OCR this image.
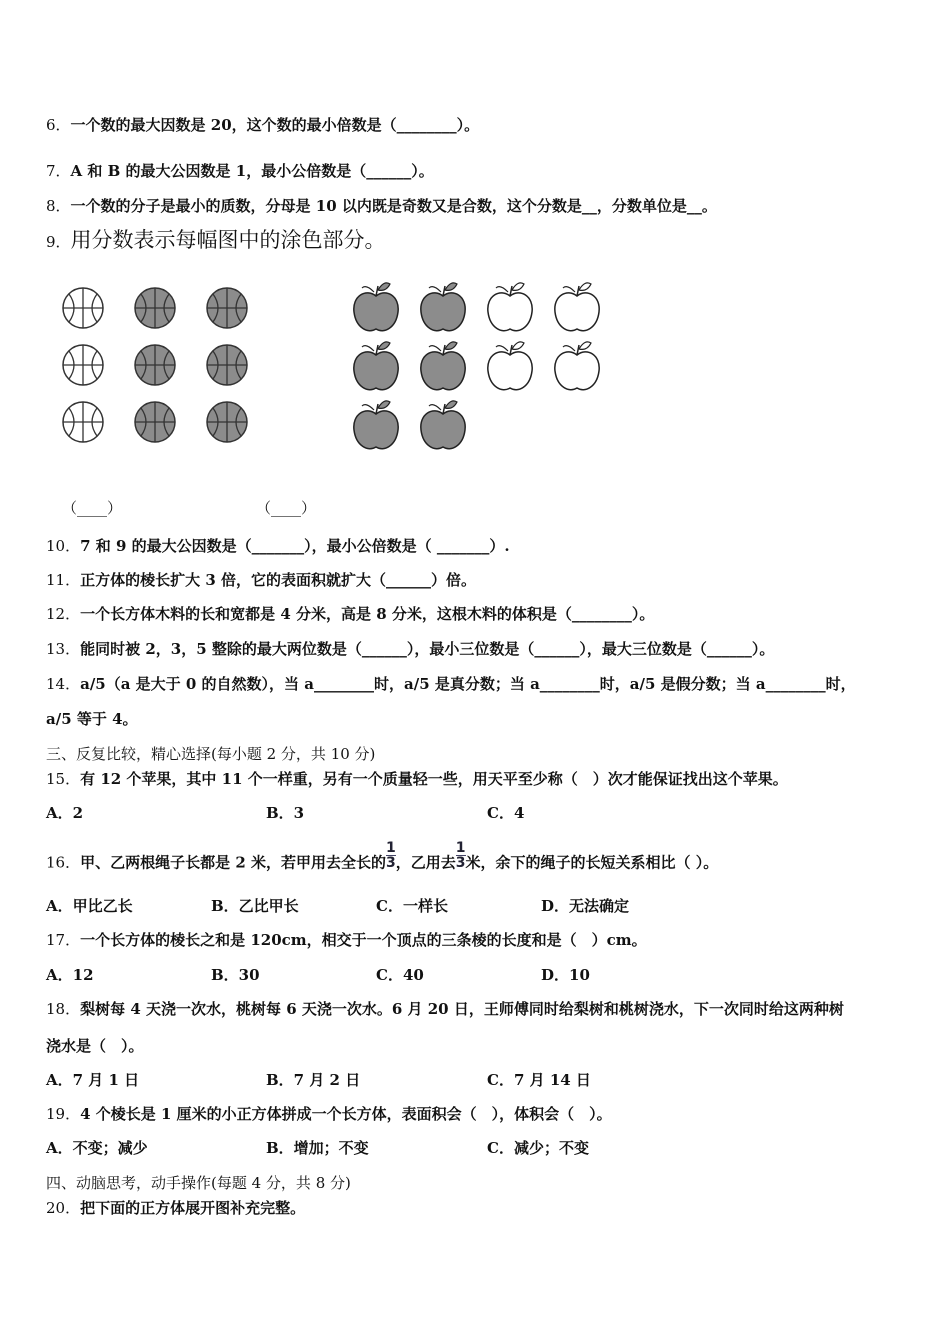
6．一个数的最大因数是 20，这个数的最小倍数是（________）。
7．A 和 B 的最大公因数是 1，最小公倍数是（______）。
8．一个数的分子是最小的质数，分母是 10 以内既是奇数又是合数，这个分数是__，分数单位是__。
9．用分数表示每幅图中的涂色部分。
（____）	（____）
10．7 和 9 的最大公因数是（_______），最小公倍数是（ _______）.
11．正方体的棱长扩大 3 倍，它的表面积就扩大（______）倍。
12．一个长方体木料的长和宽都是 4 分米，高是 8 分米，这根木料的体积是（________）。
13．能同时被 2，3，5 整除的最大两位数是（______），最小三位数是（______），最大三位数是（______）。
14．a/5（a 是大于 0 的自然数），当 a________时，a/5 是真分数；当 a________时，a/5 是假分数；当 a________时，
a/5 等于 4。
三、反复比较，精心选择(每小题 2 分，共 10 分)
15．有 12 个苹果，其中 11 个一样重，另有一个质量轻一些，用天平至少称（　）次才能保证找出这个苹果。
A．2	B．3	C．4
16．甲、乙两根绳子长都是 2 米，若甲用去全长的 $\frac{1}{3}$ ，乙用去 $\frac{1}{3}$ 米，余下的绳子的长短关系相比（ ）。
A．甲比乙长	B．乙比甲长	C．一样长	D．无法确定
17．一个长方体的棱长之和是 120cm，相交于一个顶点的三条棱的长度和是（　）cm。
A．12	B．30	C．40	D．10
18．梨树每 4 天浇一次水，桃树每 6 天浇一次水。6 月 20 日，王师傅同时给梨树和桃树浇水，下一次同时给这两种树
浇水是（　）。
A．7 月 1 日	B．7 月 2 日	C．7 月 14 日
19．4 个棱长是 1 厘米的小正方体拼成一个长方体，表面积会（　），体积会（　）。
A．不变；减少	B．增加；不变	C．减少；不变
四、动脑思考，动手操作(每题 4 分，共 8 分)
20．把下面的正方体展开图补充完整。
